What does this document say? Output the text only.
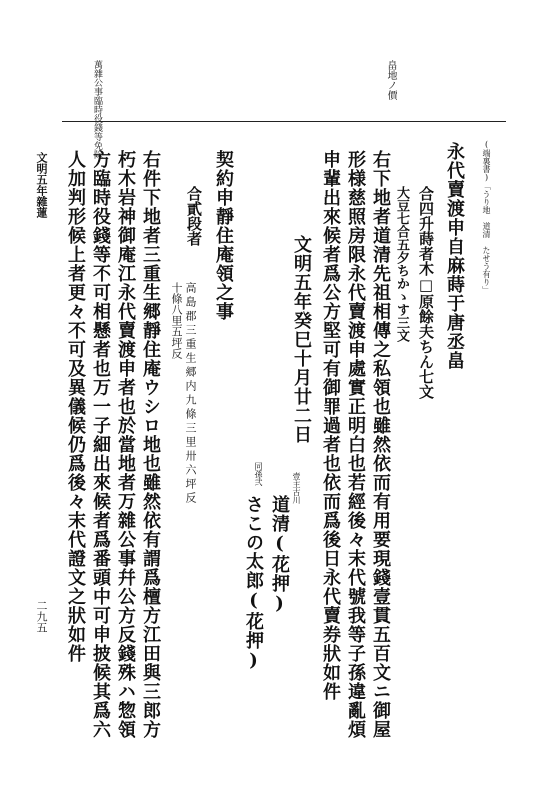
畠地ノ價
萬雜公事臨時役錢等免除
(端裏書)「うり地　道清　たせう有り」
永代賣渡申自麻蒔于唐丞畠
合四升蒔者木□原餘夫ちん七文
大豆七合五夕ちかゝす三文
右下地者道清先祖相傳之私領也雖然依而有用要現錢壹貫五百文ニ御屋
形様慈照房限永代賣渡申處實正明白也若經後々末代號我等子孫違亂煩
申輩出來候者爲公方堅可有御罪過者也依而爲後日永代賣券狀如件
文明五年癸巳十月廿二日
壹主古川
道清(花押)
同孫弐
さこの太郎(花押)
契約申靜住庵領之事
合貳段者
高島郡三重生郷内九條三里卅六坪反
十條八里五坪反
右件下地者三重生郷靜住庵ウシロ地也雖然依有謂爲檀方江田與三郎方
朽木岩神御庵江永代賣渡申者也於當地者万雜公事幷公方反錢殊ハ惣領
方臨時役錢等不可相懸者也万一子細出來候者爲番頭中可申披候其爲六
人加判形候上者更々不可及異儀候仍爲後々末代證文之狀如件
文明五年雜蓮
二九五
